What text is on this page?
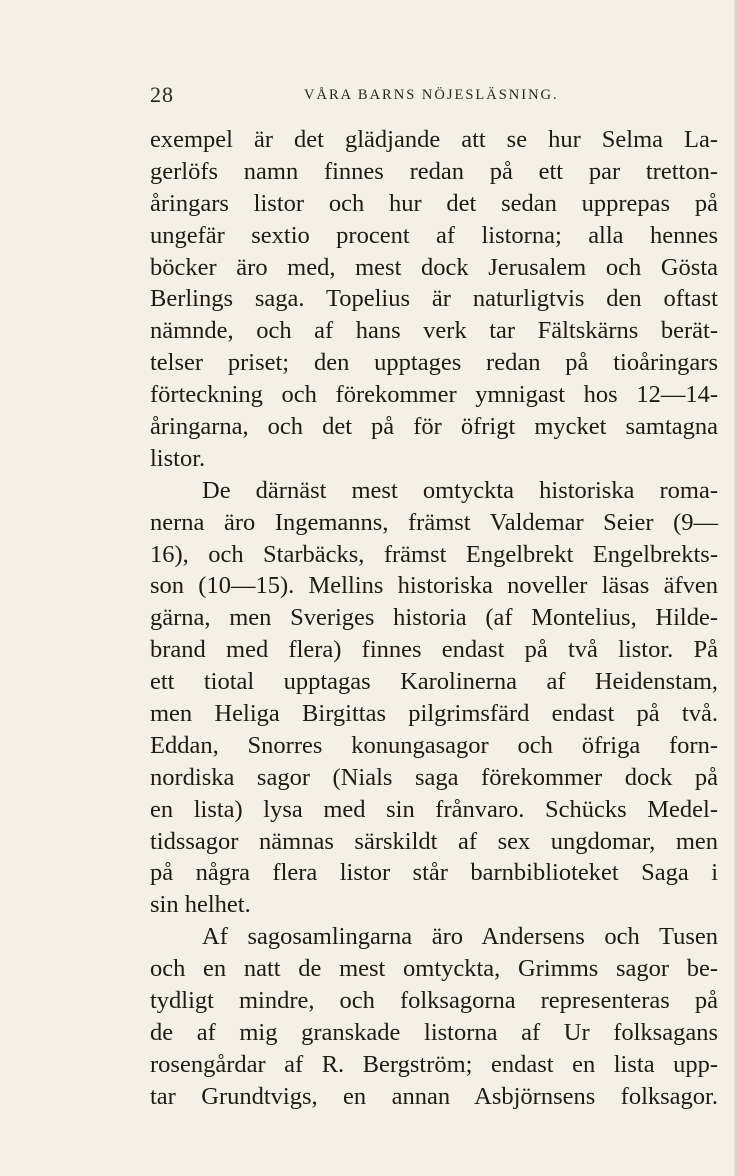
28	VÅRA BARNS NÖJESLÄSNING.
exempel är det glädjande att se hur Selma La-
gerlöfs namn finnes redan på ett par tretton-
åringars listor och hur det sedan upprepas på
ungefär sextio procent af listorna; alla hennes
böcker äro med, mest dock Jerusalem och Gösta
Berlings saga. Topelius är naturligtvis den oftast
nämnde, och af hans verk tar Fältskärns berät-
telser priset; den upptages redan på tioåringars
förteckning och förekommer ymnigast hos 12—14-
åringarna, och det på för öfrigt mycket samtagna
listor.
De därnäst mest omtyckta historiska roma-
nerna äro Ingemanns, främst Valdemar Seier (9—
16), och Starbäcks, främst Engelbrekt Engelbrekts-
son (10—15). Mellins historiska noveller läsas äfven
gärna, men Sveriges historia (af Montelius, Hilde-
brand med flera) finnes endast på två listor. På
ett tiotal upptagas Karolinerna af Heidenstam,
men Heliga Birgittas pilgrimsfärd endast på två.
Eddan, Snorres konungasagor och öfriga forn-
nordiska sagor (Nials saga förekommer dock på
en lista) lysa med sin frånvaro. Schücks Medel-
tidssagor nämnas särskildt af sex ungdomar, men
på några flera listor står barnbiblioteket Saga i
sin helhet.
Af sagosamlingarna äro Andersens och Tusen
och en natt de mest omtyckta, Grimms sagor be-
tydligt mindre, och folksagorna representeras på
de af mig granskade listorna af Ur folksagans
rosengårdar af R. Bergström; endast en lista upp-
tar Grundtvigs, en annan Asbjörnsens folksagor.
